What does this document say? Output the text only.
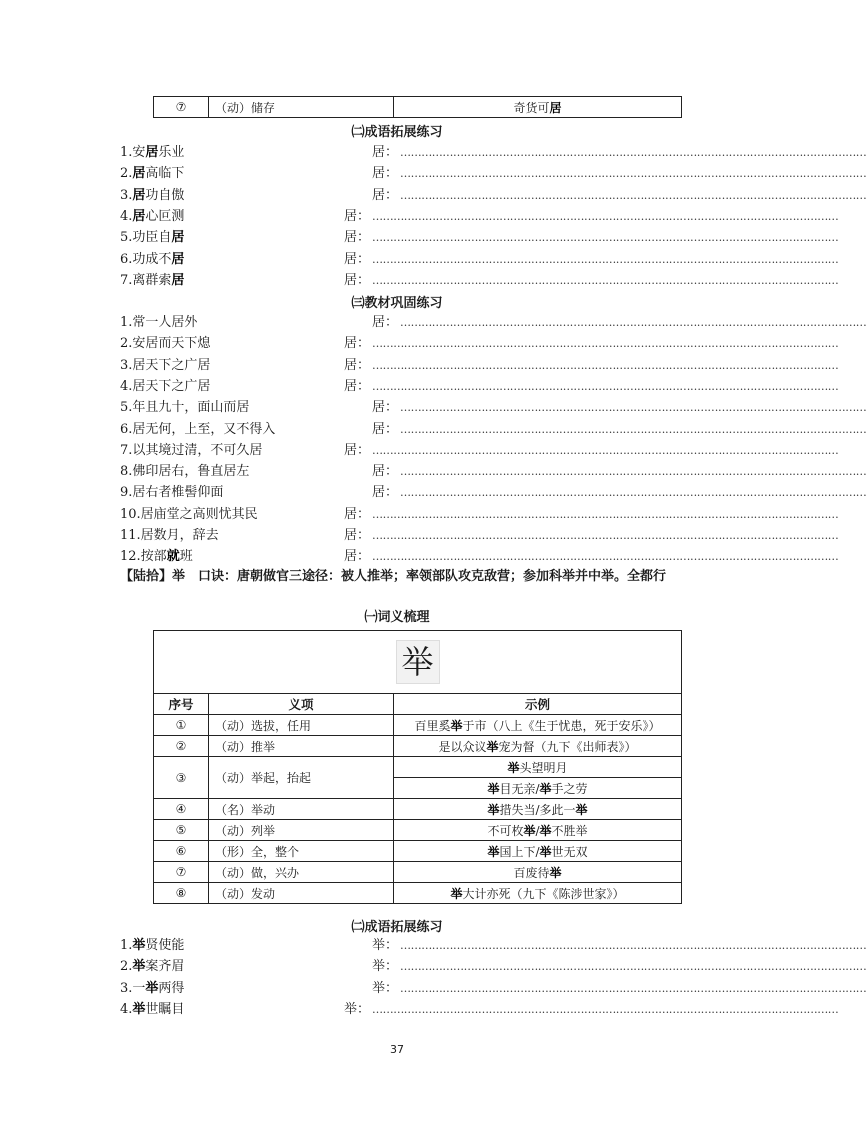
⑦	（动）储存	奇货可居
㈡成语拓展练习
1.安居乐业	居： ……………………………………………………………………………………………………………………
2.居高临下	居： ……………………………………………………………………………………………………………………
3.居功自傲	居： ……………………………………………………………………………………………………………………
4.居心叵测	居： ……………………………………………………………………………………………………………………
5.功臣自居	居： ……………………………………………………………………………………………………………………
6.功成不居	居： ……………………………………………………………………………………………………………………
7.离群索居	居： ……………………………………………………………………………………………………………………
㈢教材巩固练习
1.常一人居外	居： ……………………………………………………………………………………………………………………
2.安居而天下熄	居： ……………………………………………………………………………………………………………………
3.居天下之广居	居： ……………………………………………………………………………………………………………………
4.居天下之广居	居： ……………………………………………………………………………………………………………………
5.年且九十，面山而居	居： ……………………………………………………………………………………………………………………
6.居无何，上至，又不得入	居： ……………………………………………………………………………………………………………………
7.以其境过清，不可久居	居： ……………………………………………………………………………………………………………………
8.佛印居右，鲁直居左	居： ……………………………………………………………………………………………………………………
9.居右者椎髻仰面	居： ……………………………………………………………………………………………………………………
10.居庙堂之高则忧其民	居： ……………………………………………………………………………………………………………………
11.居数月，辞去	居： ……………………………………………………………………………………………………………………
12.按部就班	居： ……………………………………………………………………………………………………………………
【陆拾】举　口诀：唐朝做官三途径：被人推举；率领部队攻克敌营；参加科举并中举。全都行
㈠词义梳理
举		
序号	义项	示例
①	（动）选拔，任用	百里奚举于市（八上《生于忧患，死于安乐》）
②	（动）推举	是以众议举宠为督（九下《出师表》）
③	（动）举起，抬起	举头望明月
		举目无亲/举手之劳
④	（名）举动	举措失当/多此一举
⑤	（动）列举	不可枚举/举不胜举
⑥	（形）全，整个	举国上下/举世无双
⑦	（动）做，兴办	百废待举
⑧	（动）发动	举大计亦死（九下《陈涉世家》）
㈡成语拓展练习
1.举贤使能	举： ……………………………………………………………………………………………………………………
2.举案齐眉	举： ……………………………………………………………………………………………………………………
3.一举两得	举： ……………………………………………………………………………………………………………………
4.举世瞩目	举： ……………………………………………………………………………………………………………………
37
